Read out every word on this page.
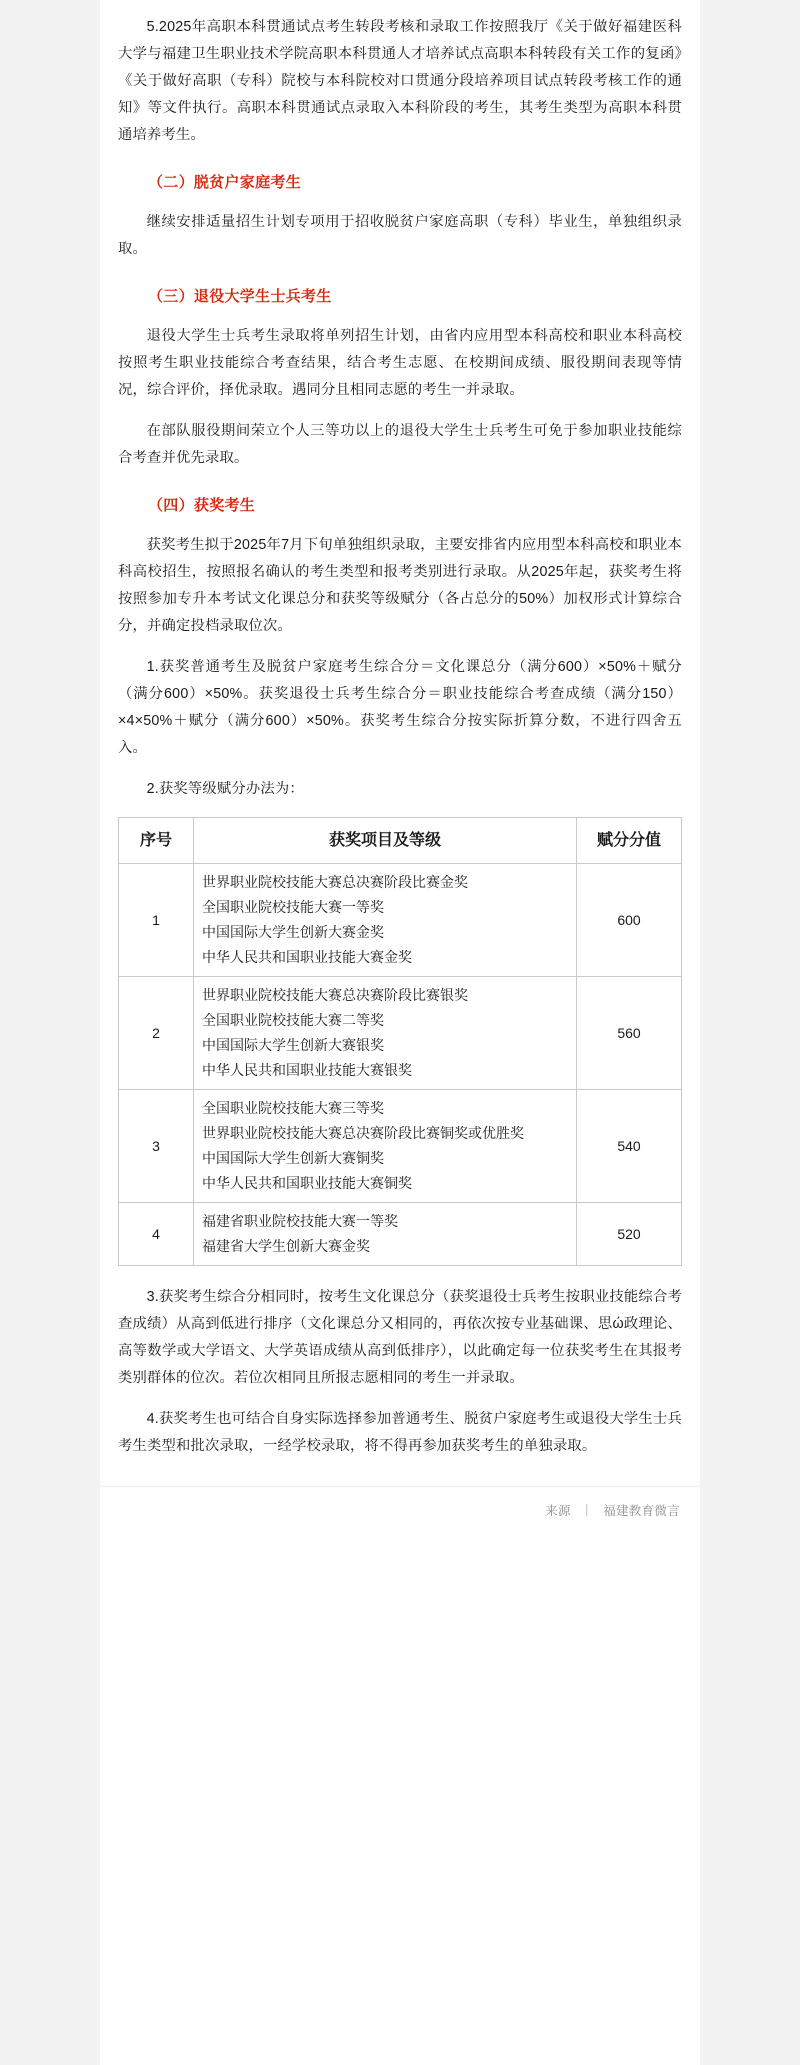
5.2025年高职本科贯通试点考生转段考核和录取工作按照我厅《关于做好福建医科大学与福建卫生职业技术学院高职本科贯通人才培养试点高职本科转段有关工作的复函》《关于做好高职（专科）院校与本科院校对口贯通分段培养项目试点转段考核工作的通知》等文件执行。高职本科贯通试点录取入本科阶段的考生，其考生类型为高职本科贯通培养考生。

（二）脱贫户家庭考生

继续安排适量招生计划专项用于招收脱贫户家庭高职（专科）毕业生，单独组织录取。

（三）退役大学生士兵考生

退役大学生士兵考生录取将单列招生计划，由省内应用型本科高校和职业本科高校按照考生职业技能综合考查结果，结合考生志愿、在校期间成绩、服役期间表现等情况，综合评价，择优录取。遇同分且相同志愿的考生一并录取。

在部队服役期间荣立个人三等功以上的退役大学生士兵考生可免于参加职业技能综合考查并优先录取。

（四）获奖考生

获奖考生拟于2025年7月下旬单独组织录取，主要安排省内应用型本科高校和职业本科高校招生，按照报名确认的考生类型和报考类别进行录取。从2025年起，获奖考生将按照参加专升本考试文化课总分和获奖等级赋分（各占总分的50%）加权形式计算综合分，并确定投档录取位次。

1.获奖普通考生及脱贫户家庭考生综合分＝文化课总分（满分600）×50%＋赋分（满分600）×50%。获奖退役士兵考生综合分＝职业技能综合考查成绩（满分150）×4×50%＋赋分（满分600）×50%。获奖考生综合分按实际折算分数，不进行四舍五入。

2.获奖等级赋分办法为：

序号	获奖项目及等级	赋分分值
1	世界职业院校技能大赛总决赛阶段比赛金奖
全国职业院校技能大赛一等奖
中国国际大学生创新大赛金奖
中华人民共和国职业技能大赛金奖	600
2	世界职业院校技能大赛总决赛阶段比赛银奖
全国职业院校技能大赛二等奖
中国国际大学生创新大赛银奖
中华人民共和国职业技能大赛银奖	560
3	全国职业院校技能大赛三等奖
世界职业院校技能大赛总决赛阶段比赛铜奖或优胜奖
中国国际大学生创新大赛铜奖
中华人民共和国职业技能大赛铜奖	540
4	福建省职业院校技能大赛一等奖
福建省大学生创新大赛金奖	520

3.获奖考生综合分相同时，按考生文化课总分（获奖退役士兵考生按职业技能综合考查成绩）从高到低进行排序（文化课总分又相同的，再依次按专业基础课、思ώ政理论、高等数学或大学语文、大学英语成绩从高到低排序），以此确定每一位获奖考生在其报考类别群体的位次。若位次相同且所报志愿相同的考生一并录取。

4.获奖考生也可结合自身实际选择参加普通考生、脱贫户家庭考生或退役大学生士兵考生类型和批次录取，一经学校录取，将不得再参加获奖考生的单独录取。

来源 ｜ 福建教育微言
